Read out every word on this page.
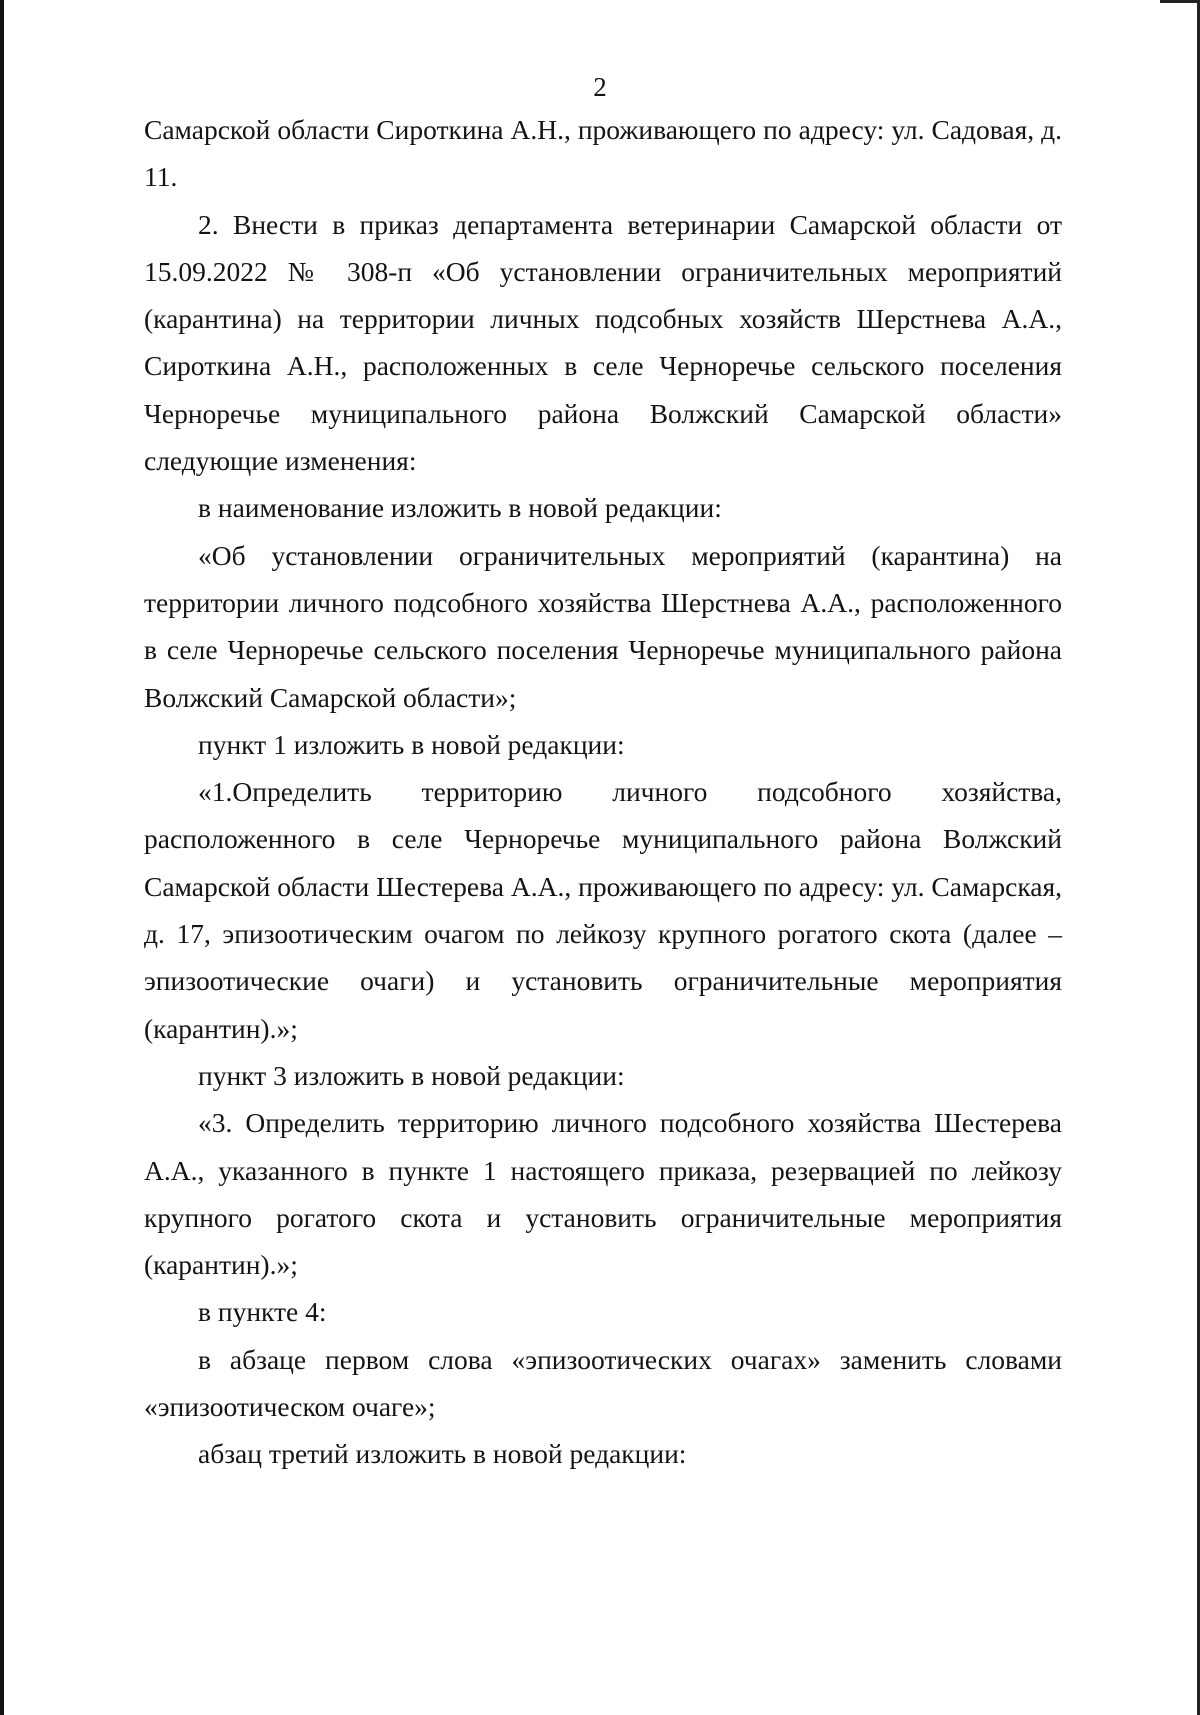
2

Самарской области Сироткина А.Н., проживающего по адресу: ул. Садовая, д. 11.

2. Внести в приказ департамента ветеринарии Самарской области от 15.09.2022 № 308-п «Об установлении ограничительных мероприятий (карантина) на территории личных подсобных хозяйств Шерстнева А.А., Сироткина А.Н., расположенных в селе Черноречье сельского поселения Черноречье муниципального района Волжский Самарской области» следующие изменения:

в наименование изложить в новой редакции:

«Об установлении ограничительных мероприятий (карантина) на территории личного подсобного хозяйства Шерстнева А.А., расположенного в селе Черноречье сельского поселения Черноречье муниципального района Волжский Самарской области»;

пункт 1 изложить в новой редакции:

«1.Определить территорию личного подсобного хозяйства, расположенного в селе Черноречье муниципального района Волжский Самарской области Шестерева А.А., проживающего по адресу: ул. Самарская, д. 17, эпизоотическим очагом по лейкозу крупного рогатого скота (далее – эпизоотические очаги) и установить ограничительные мероприятия (карантин).»;

пункт 3 изложить в новой редакции:

«3. Определить территорию личного подсобного хозяйства Шестерева А.А., указанного в пункте 1 настоящего приказа, резервацией по лейкозу крупного рогатого скота и установить ограничительные мероприятия (карантин).»;

в пункте 4:

в абзаце первом слова «эпизоотических очагах» заменить словами «эпизоотическом очаге»;

абзац третий изложить в новой редакции:
